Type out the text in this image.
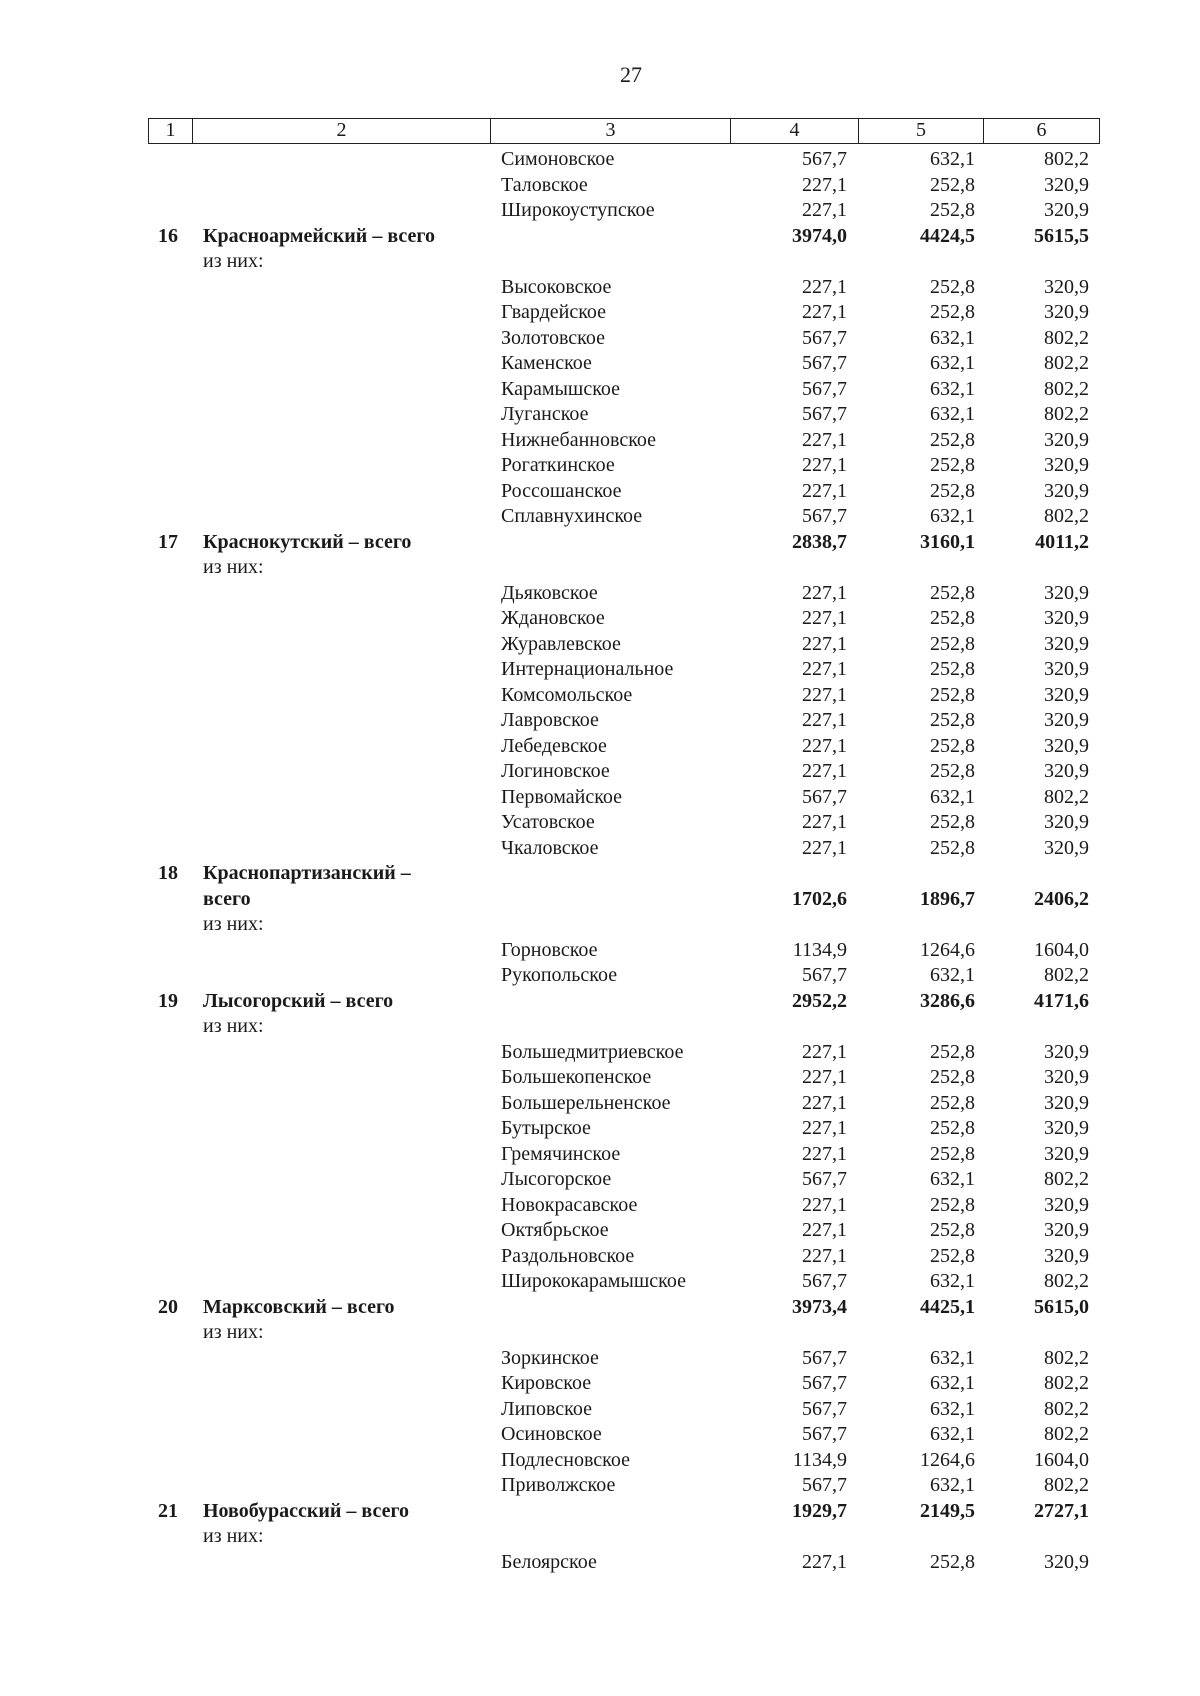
27
1	2	3	4	5	6
Симоновское	567,7	632,1	802,2
Таловское	227,1	252,8	320,9
Широкоуступское	227,1	252,8	320,9
16 Красноармейский – всего	3974,0	4424,5	5615,5
из них:
Высоковское	227,1	252,8	320,9
Гвардейское	227,1	252,8	320,9
Золотовское	567,7	632,1	802,2
Каменское	567,7	632,1	802,2
Карамышское	567,7	632,1	802,2
Луганское	567,7	632,1	802,2
Нижнебанновское	227,1	252,8	320,9
Рогаткинское	227,1	252,8	320,9
Россошанское	227,1	252,8	320,9
Сплавнухинское	567,7	632,1	802,2
17 Краснокутский – всего	2838,7	3160,1	4011,2
из них:
Дьяковское	227,1	252,8	320,9
Ждановское	227,1	252,8	320,9
Журавлевское	227,1	252,8	320,9
Интернациональное	227,1	252,8	320,9
Комсомольское	227,1	252,8	320,9
Лавровское	227,1	252,8	320,9
Лебедевское	227,1	252,8	320,9
Логиновское	227,1	252,8	320,9
Первомайское	567,7	632,1	802,2
Усатовское	227,1	252,8	320,9
Чкаловское	227,1	252,8	320,9
18 Краснопартизанский –
всего	1702,6	1896,7	2406,2
из них:
Горновское	1134,9	1264,6	1604,0
Рукопольское	567,7	632,1	802,2
19 Лысогорский – всего	2952,2	3286,6	4171,6
из них:
Большедмитриевское	227,1	252,8	320,9
Большекопенское	227,1	252,8	320,9
Большерельненское	227,1	252,8	320,9
Бутырское	227,1	252,8	320,9
Гремячинское	227,1	252,8	320,9
Лысогорское	567,7	632,1	802,2
Новокрасавское	227,1	252,8	320,9
Октябрьское	227,1	252,8	320,9
Раздольновское	227,1	252,8	320,9
Ширококарамышское	567,7	632,1	802,2
20 Марксовский – всего	3973,4	4425,1	5615,0
из них:
Зоркинское	567,7	632,1	802,2
Кировское	567,7	632,1	802,2
Липовское	567,7	632,1	802,2
Осиновское	567,7	632,1	802,2
Подлесновское	1134,9	1264,6	1604,0
Приволжское	567,7	632,1	802,2
21 Новобурасский – всего	1929,7	2149,5	2727,1
из них:
Белоярское	227,1	252,8	320,9
